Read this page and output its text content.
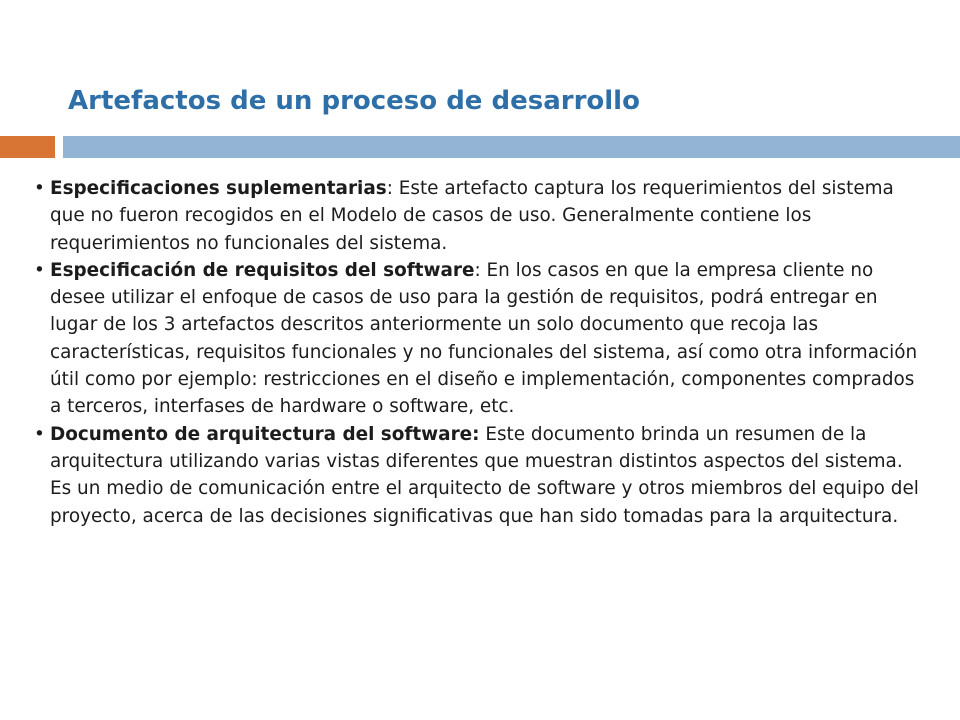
Artefactos de un proceso de desarrollo

• Especificaciones suplementarias: Este artefacto captura los requerimientos del sistema que no fueron recogidos en el Modelo de casos de uso. Generalmente contiene los requerimientos no funcionales del sistema.

• Especificación de requisitos del software: En los casos en que la empresa cliente no desee utilizar el enfoque de casos de uso para la gestión de requisitos, podrá entregar en lugar de los 3 artefactos descritos anteriormente un solo documento que recoja las características, requisitos funcionales y no funcionales del sistema, así como otra información útil como por ejemplo: restricciones en el diseño e implementación, componentes comprados a terceros, interfases de hardware o software, etc.

• Documento de arquitectura del software: Este documento brinda un resumen de la arquitectura utilizando varias vistas diferentes que muestran distintos aspectos del sistema. Es un medio de comunicación entre el arquitecto de software y otros miembros del equipo del proyecto, acerca de las decisiones significativas que han sido tomadas para la arquitectura.
